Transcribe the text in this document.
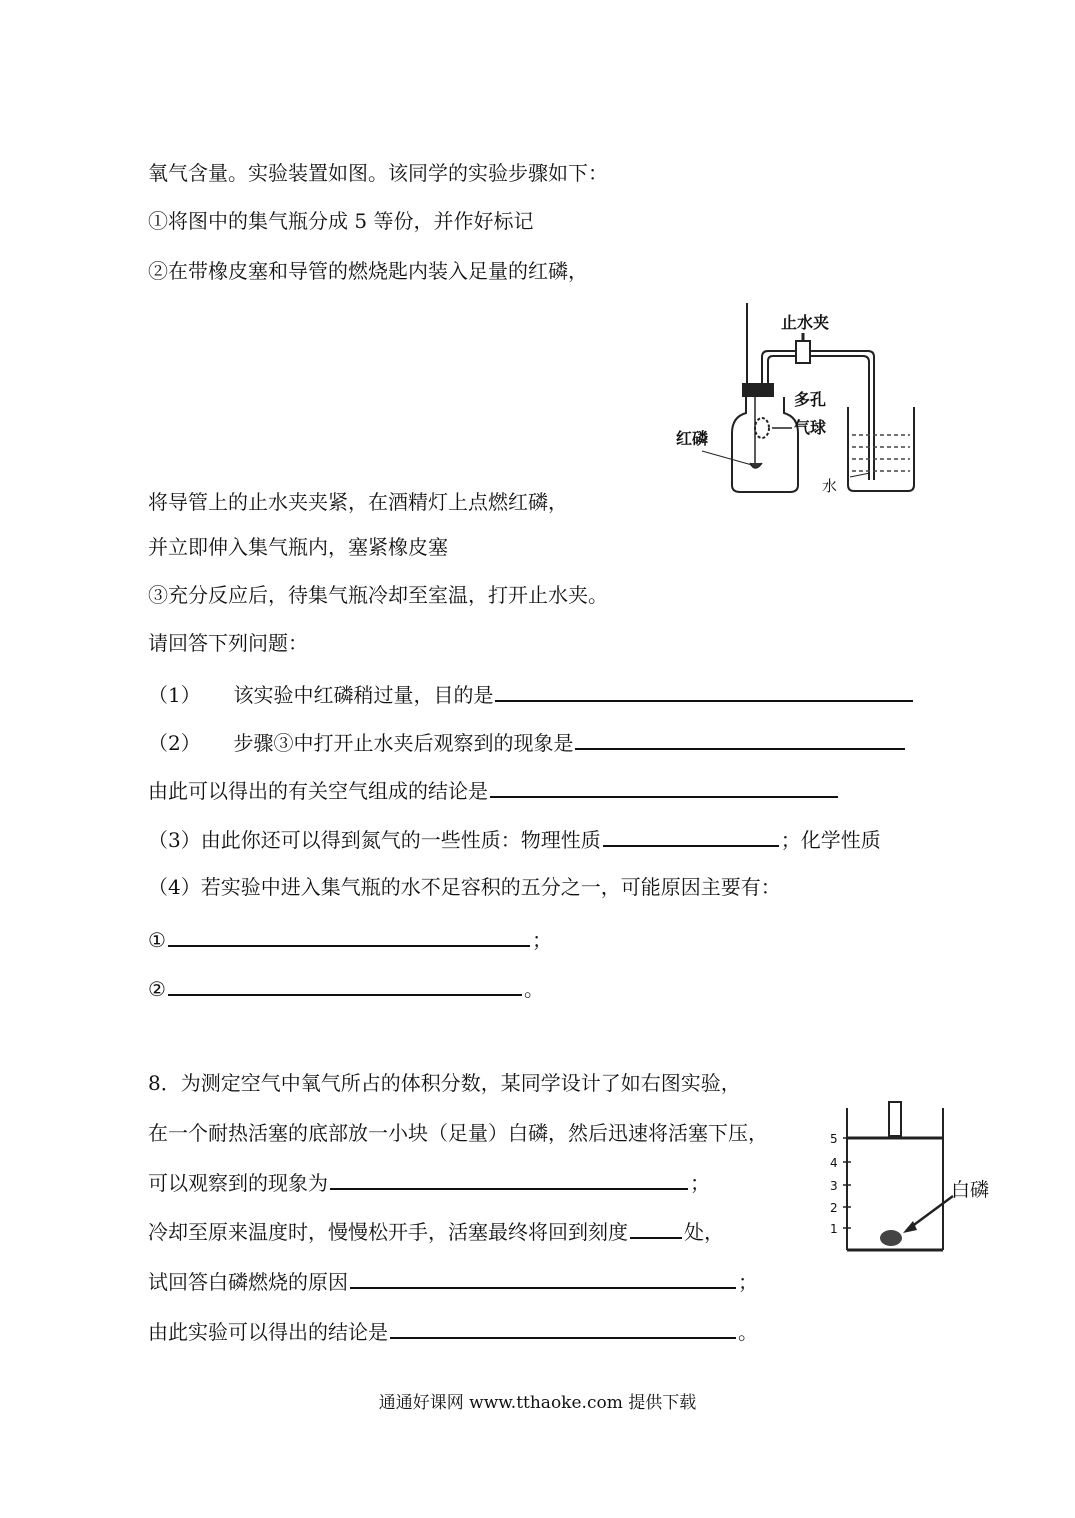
氧气含量。实验装置如图。该同学的实验步骤如下：
①将图中的集气瓶分成 5 等份，并作好标记
②在带橡皮塞和导管的燃烧匙内装入足量的红磷，
将导管上的止水夹夹紧，在酒精灯上点燃红磷，
并立即伸入集气瓶内，塞紧橡皮塞
③充分反应后，待集气瓶冷却至室温，打开止水夹。
请回答下列问题：
（1） 该实验中红磷稍过量，目的是
（2） 步骤③中打开止水夹后观察到的现象是
由此可以得出的有关空气组成的结论是
（3）由此你还可以得到氮气的一些性质：物理性质	；化学性质
（4）若实验中进入集气瓶的水不足容积的五分之一，可能原因主要有：
①	；
②	。
8．为测定空气中氧气所占的体积分数，某同学设计了如右图实验，
在一个耐热活塞的底部放一小块（足量）白磷，然后迅速将活塞下压，
可以观察到的现象为	；
冷却至原来温度时，慢慢松开手，活塞最终将回到刻度	处，
试回答白磷燃烧的原因	；
由此实验可以得出的结论是	。
止水夹
多孔
气球
红磷
水
5
4
3
2
1
白磷
通通好课网 www.tthaoke.com 提供下载
